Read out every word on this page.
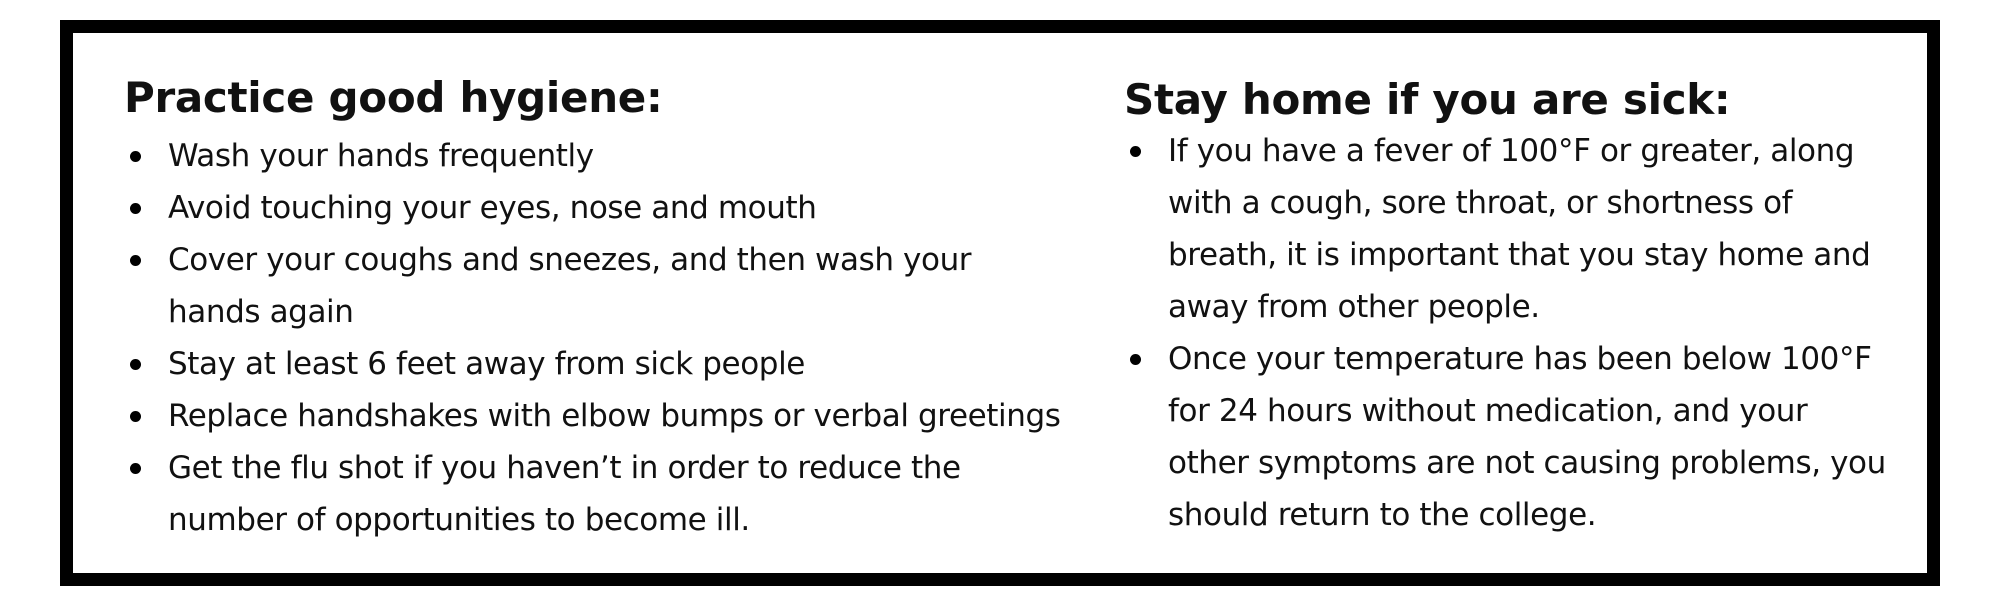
Practice good hygiene:
Wash your hands frequently
Avoid touching your eyes, nose and mouth
Cover your coughs and sneezes, and then wash your hands again
Stay at least 6 feet away from sick people
Replace handshakes with elbow bumps or verbal greetings
Get the flu shot if you haven’t in order to reduce the number of opportunities to become ill.
Stay home if you are sick:
If you have a fever of 100°F or greater, along with a cough, sore throat, or shortness of breath, it is important that you stay home and away from other people.
Once your temperature has been below 100°F for 24 hours without medication, and your other symptoms are not causing problems, you should return to the college.
